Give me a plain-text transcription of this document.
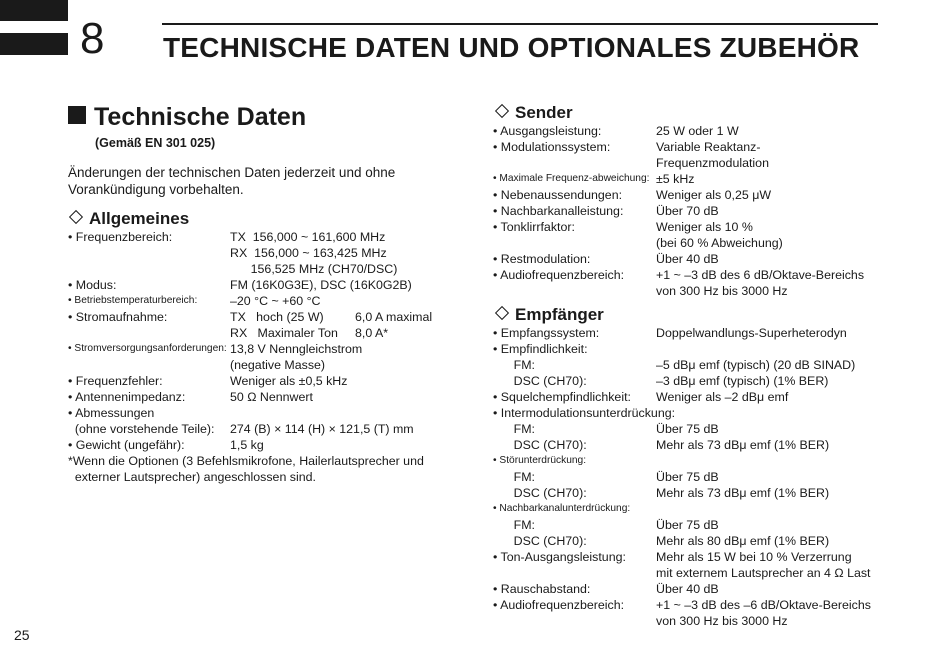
8 TECHNISCHE DATEN UND OPTIONALES ZUBEHÖR
Technische Daten
(Gemäß EN 301 025)
Änderungen der technischen Daten jederzeit und ohne Vorankündigung vorbehalten.
Allgemeines
• Frequenzbereich:	TX  156,000 ~ 161,600 MHz
RX  156,000 ~ 163,425 MHz
156,525 MHz (CH70/DSC)
• Modus:	FM (16K0G3E), DSC (16K0G2B)
• Betriebstemperaturbereich:	–20 °C ~ +60 °C
• Stromaufnahme:	TX   hoch (25 W)	6,0 A maximal
RX   Maximaler Ton 8,0 A*
• Stromversorgungsanforderungen: 13,8 V Nenngleichstrom
(negative Masse)
• Frequenzfehler:	Weniger als ±0,5 kHz
• Antennenimpedanz:	50 Ω Nennwert
• Abmessungen
(ohne vorstehende Teile): 274 (B) × 114 (H) × 121,5 (T) mm
• Gewicht (ungefähr):	1,5 kg
*Wenn die Optionen (3 Befehlsmikrofone, Hailerlautsprecher und
externer Lautsprecher) angeschlossen sind.
Sender
• Ausgangsleistung:	25 W oder 1 W
• Modulationssystem:	Variable Reaktanz-
Frequenzmodulation
• Maximale Frequenz-abweichung: ±5 kHz
• Nebenaussendungen:	Weniger als 0,25 μW
• Nachbarkanalleistung:	Über 70 dB
• Tonklirrfaktor:	Weniger als 10 %
(bei 60 % Abweichung)
• Restmodulation:	Über 40 dB
• Audiofrequenzbereich:	+1 ~ –3 dB des 6 dB/Oktave-Bereichs
von 300 Hz bis 3000 Hz
Empfänger
• Empfangssystem:	Doppelwandlungs-Superheterodyn
• Empfindlichkeit:
FM:	–5 dBμ emf (typisch) (20 dB SINAD)
DSC (CH70):	–3 dBμ emf (typisch) (1% BER)
• Squelchempfindlichkeit: Weniger als –2 dBμ emf
• Intermodulationsunterdrückung:
FM:	Über 75 dB
DSC (CH70):	Mehr als 73 dBμ emf (1% BER)
• Störunterdrückung:
FM:	Über 75 dB
DSC (CH70):	Mehr als 73 dBμ emf (1% BER)
• Nachbarkanalunterdrückung:
FM:	Über 75 dB
DSC (CH70):	Mehr als 80 dBμ emf (1% BER)
• Ton-Ausgangsleistung: Mehr als 15 W bei 10 % Verzerrung
mit externem Lautsprecher an 4 Ω Last
• Rauschabstand:	Über 40 dB
• Audiofrequenzbereich:	+1 ~ –3 dB des –6 dB/Oktave-Bereichs
von 300 Hz bis 3000 Hz
25
